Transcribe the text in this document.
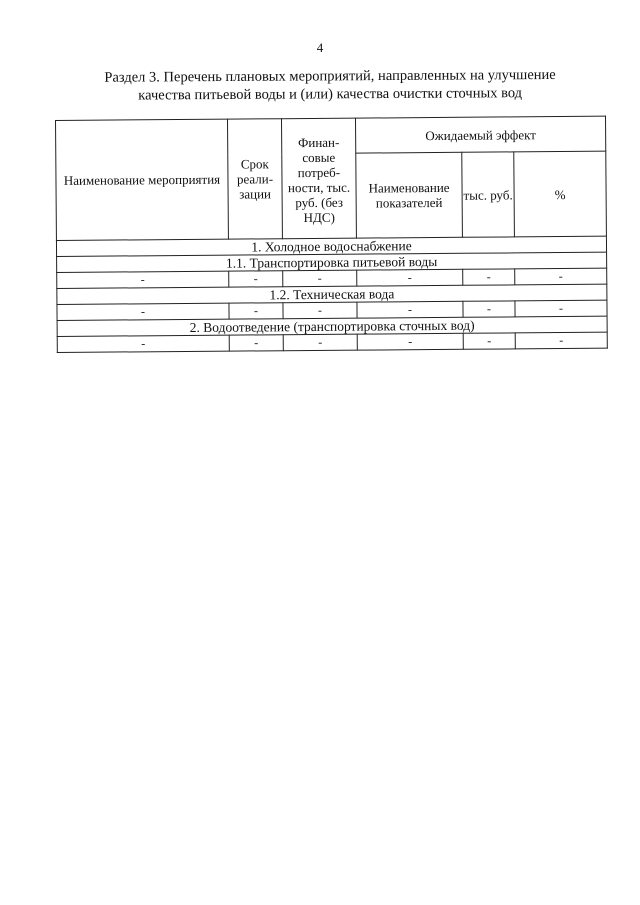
4
Раздел 3. Перечень плановых мероприятий, направленных на улучшение
качества питьевой воды и (или) качества очистки сточных вод
Наименование мероприятия	Срок реали-зации	Финан-совые потреб-ности, тыс. руб. (без НДС)	Ожидаемый эффект		
			Наименование показателей	тыс. руб.	%
1. Холодное водоснабжение					
1.1. Транспортировка питьевой воды					
-	-	-	-	-	-
1.2. Техническая вода					
-	-	-	-	-	-
2. Водоотведение (транспортировка сточных вод)					
-	-	-	-	-	-
